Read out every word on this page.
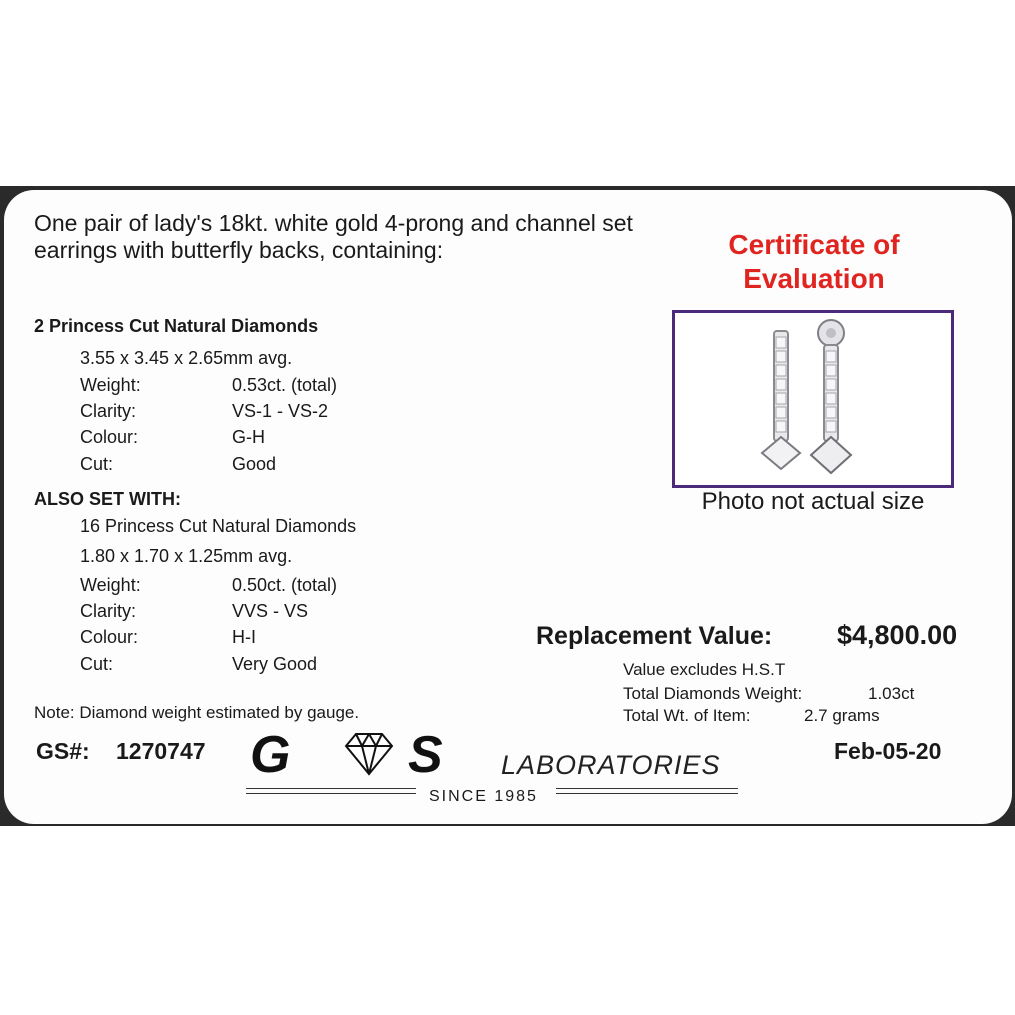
One pair of lady's 18kt. white gold 4-prong and channel set earrings with butterfly backs, containing:
2 Princess Cut Natural Diamonds
3.55 x 3.45 x 2.65mm avg.
Weight:	0.53ct. (total)
Clarity:	VS-1 - VS-2
Colour:	G-H
Cut:	Good
ALSO SET WITH:
16 Princess Cut Natural Diamonds
1.80 x 1.70 x 1.25mm avg.
Weight:	0.50ct. (total)
Clarity:	VVS - VS
Colour:	H-I
Cut:	Very Good
Note: Diamond weight estimated by gauge.
Certificate of Evaluation
Photo not actual size
Replacement Value: $4,800.00
Value excludes H.S.T
Total Diamonds Weight:	1.03ct
Total Wt. of Item:	2.7 grams
GS#: 1270747 G S LABORATORIES
SINCE 1985
Feb-05-20
